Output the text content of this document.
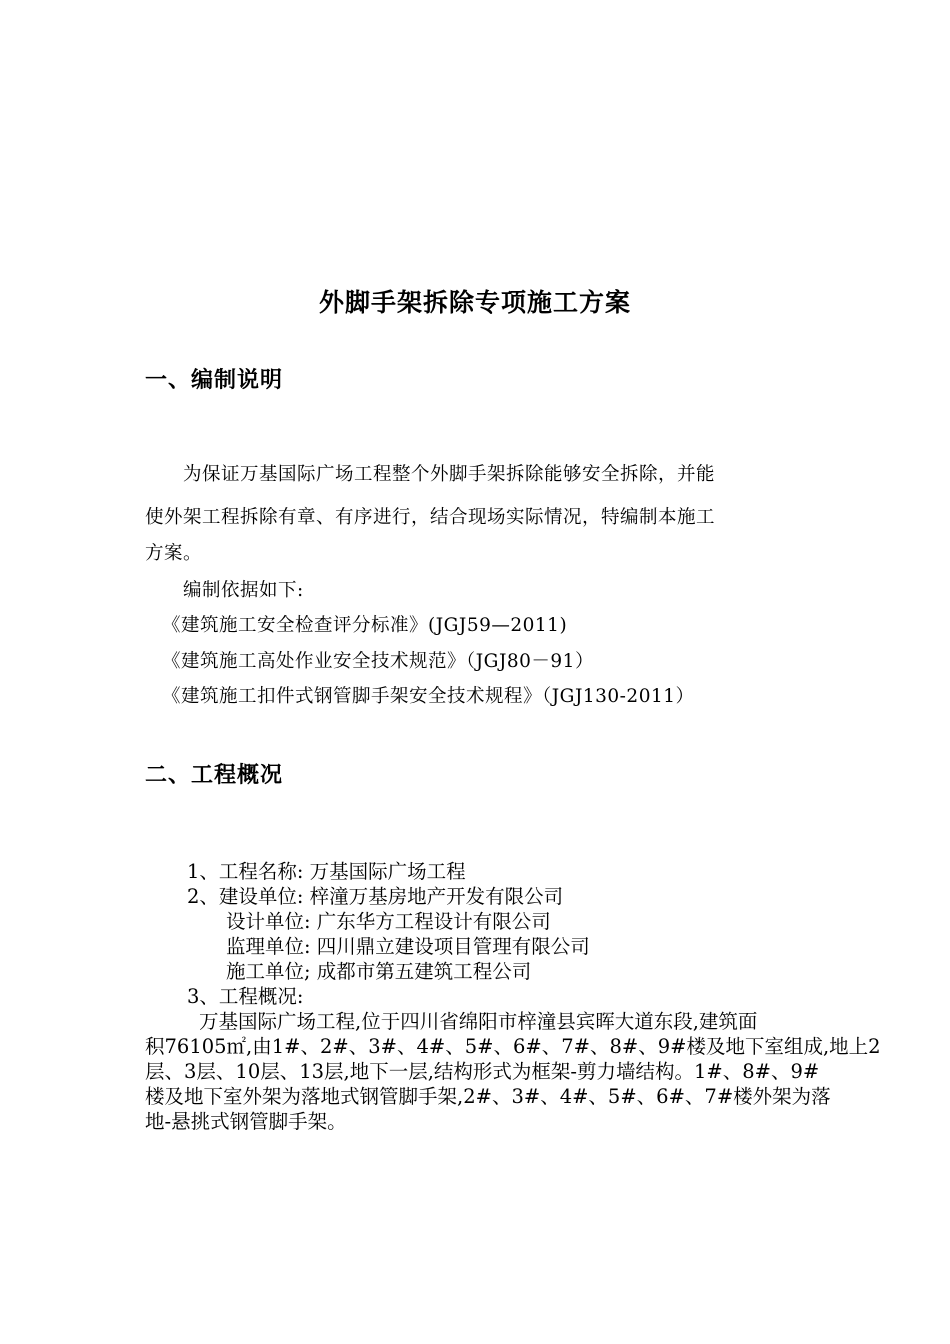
外脚手架拆除专项施工方案
一、编制说明

为保证万基国际广场工程整个外脚手架拆除能够安全拆除，并能

使外架工程拆除有章、有序进行，结合现场实际情况，特编制本施工

方案。

编制依据如下:

《建筑施工安全检查评分标准》(JGJ59—2011)

《建筑施工高处作业安全技术规范》（JGJ80－91）

《建筑施工扣件式钢管脚手架安全技术规程》（JGJ130-2011）

二、工程概况

1、工程名称: 万基国际广场工程

2、建设单位: 梓潼万基房地产开发有限公司

设计单位: 广东华方工程设计有限公司

监理单位: 四川鼎立建设项目管理有限公司

施工单位; 成都市第五建筑工程公司

3、工程概况:

万基国际广场工程,位于四川省绵阳市梓潼县宾晖大道东段,建筑面

积76105㎡,由1#、2#、3#、4#、5#、6#、7#、8#、9#楼及地下室组成,地上2

层、3层、10层、13层,地下一层,结构形式为框架-剪力墙结构。1#、8#、9#

楼及地下室外架为落地式钢管脚手架,2#、3#、4#、5#、6#、7#楼外架为落

地-悬挑式钢管脚手架。
